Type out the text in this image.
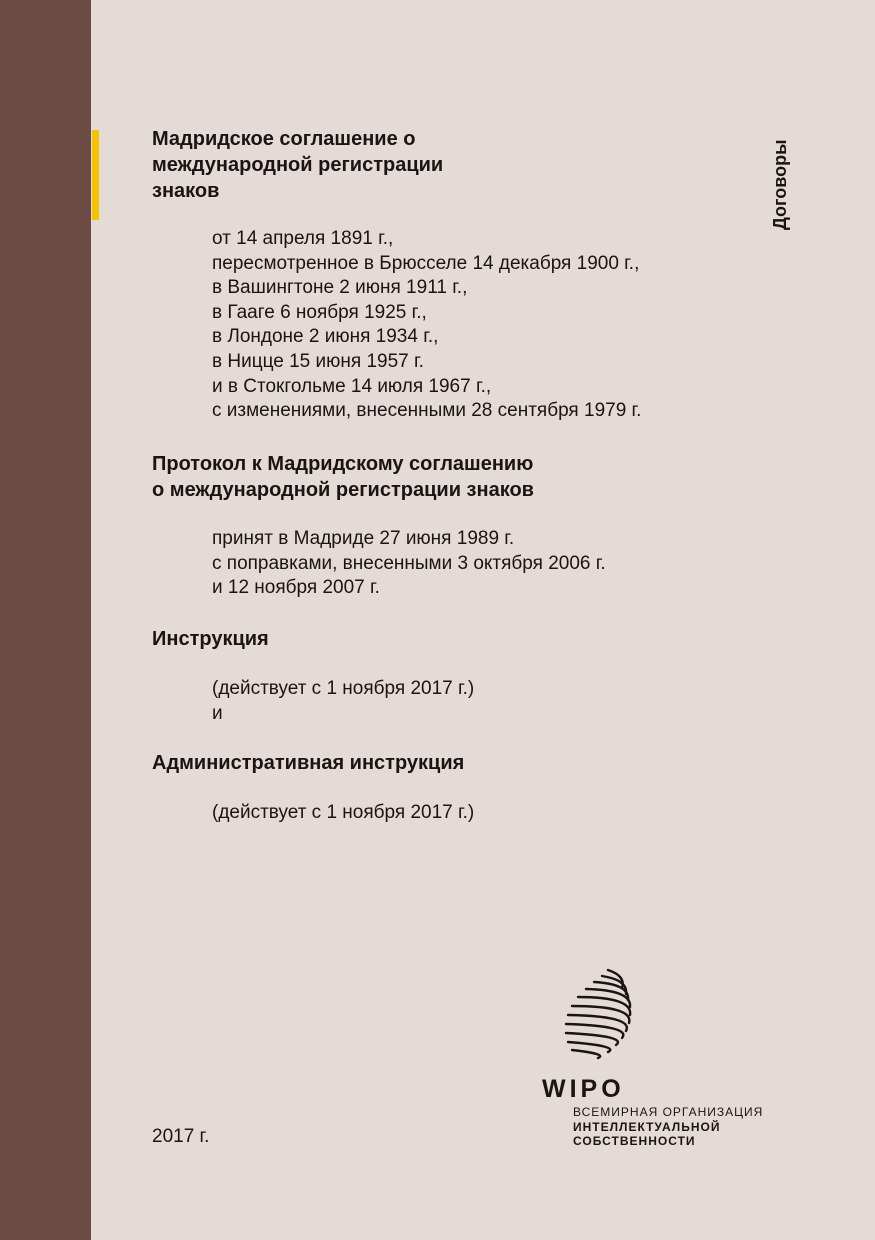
Договоры
Мадридское соглашение о
международной регистрации
знаков
от 14 апреля 1891 г.,
пересмотренное в Брюсселе 14 декабря 1900 г.,
в Вашингтоне 2 июня 1911 г.,
в Гааге 6 ноября 1925 г.,
в Лондоне 2 июня 1934 г.,
в Ницце 15 июня 1957 г.
и в Стокгольме 14 июля 1967 г.,
с изменениями, внесенными 28 сентября 1979 г.
Протокол к Мадридскому соглашению
о международной регистрации знаков
принят в Мадриде 27 июня 1989 г.
с поправками, внесенными 3 октября 2006 г.
и 12 ноября 2007 г.
Инструкция
(действует с 1 ноября 2017 г.)
и
Административная инструкция
(действует с 1 ноября 2017 г.)
2017 г.
WIPO
ВСЕМИРНАЯ ОРГАНИЗАЦИЯ
ИНТЕЛЛЕКТУАЛЬНОЙ
СОБСТВЕННОСТИ
